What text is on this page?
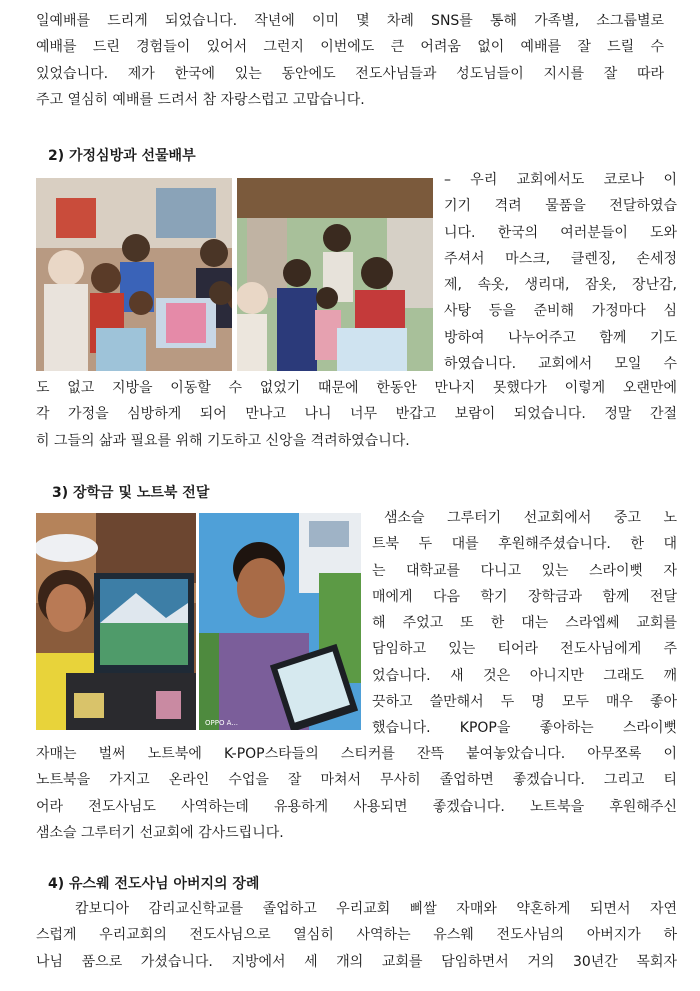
일예배를 드리게 되었습니다. 작년에 이미 몇 차례 SNS를 통해 가족별, 소그룹별로
예배를 드린 경험들이 있어서 그런지 이번에도 큰 어려움 없이 예배를 잘 드릴 수
있었습니다. 제가 한국에 있는 동안에도 전도사님들과 성도님들이 지시를 잘 따라
주고 열심히 예배를 드려서 참 자랑스럽고 고맙습니다.
2) 가정심방과 선물배부
– 우리 교회에서도 코로나 이
기기 격려 물품을 전달하였습
니다. 한국의 여러분들이 도와
주셔서 마스크, 클렌징, 손세정
제, 속옷, 생리대, 잠옷, 장난감,
사탕 등을 준비해 가정마다 심
방하여 나누어주고 함께 기도
하였습니다. 교회에서 모일 수
도 없고 지방을 이동할 수 없었기 때문에 한동안 만나지 못했다가 이렇게 오랜만에
각 가정을 심방하게 되어 만나고 나니 너무 반갑고 보람이 되었습니다. 정말 간절
히 그들의 삶과 필요를 위해 기도하고 신앙을 격려하였습니다.
3) 장학금 및 노트북 전달
OPPO A...
샘소슬 그루터기 선교회에서 중고 노
트북 두 대를 후원해주셨습니다. 한 대
는 대학교를 다니고 있는 스라이뻣 자
매에게 다음 학기 장학금과 함께 전달
해 주었고 또 한 대는 스라엡쎄 교회를
담임하고 있는 티어라 전도사님에게 주
었습니다. 새 것은 아니지만 그래도 깨
끗하고 쓸만해서 두 명 모두 매우 좋아
했습니다. KPOP을 좋아하는 스라이뻣
자매는 벌써 노트북에 K-POP스타들의 스티커를 잔뜩 붙여놓았습니다. 아무쪼록 이
노트북을 가지고 온라인 수업을 잘 마쳐서 무사히 졸업하면 좋겠습니다. 그리고 티
어라 전도사님도 사역하는데 유용하게 사용되면 좋겠습니다. 노트북을 후원해주신
샘소슬 그루터기 선교회에 감사드립니다.
4) 유스웨 전도사님 아버지의 장례
캄보디아 감리교신학교를 졸업하고 우리교회 삐쌀 자매와 약혼하게 되면서 자연
스럽게 우리교회의 전도사님으로 열심히 사역하는 유스웨 전도사님의 아버지가 하
나님 품으로 가셨습니다. 지방에서 세 개의 교회를 담임하면서 거의 30년간 목회자
